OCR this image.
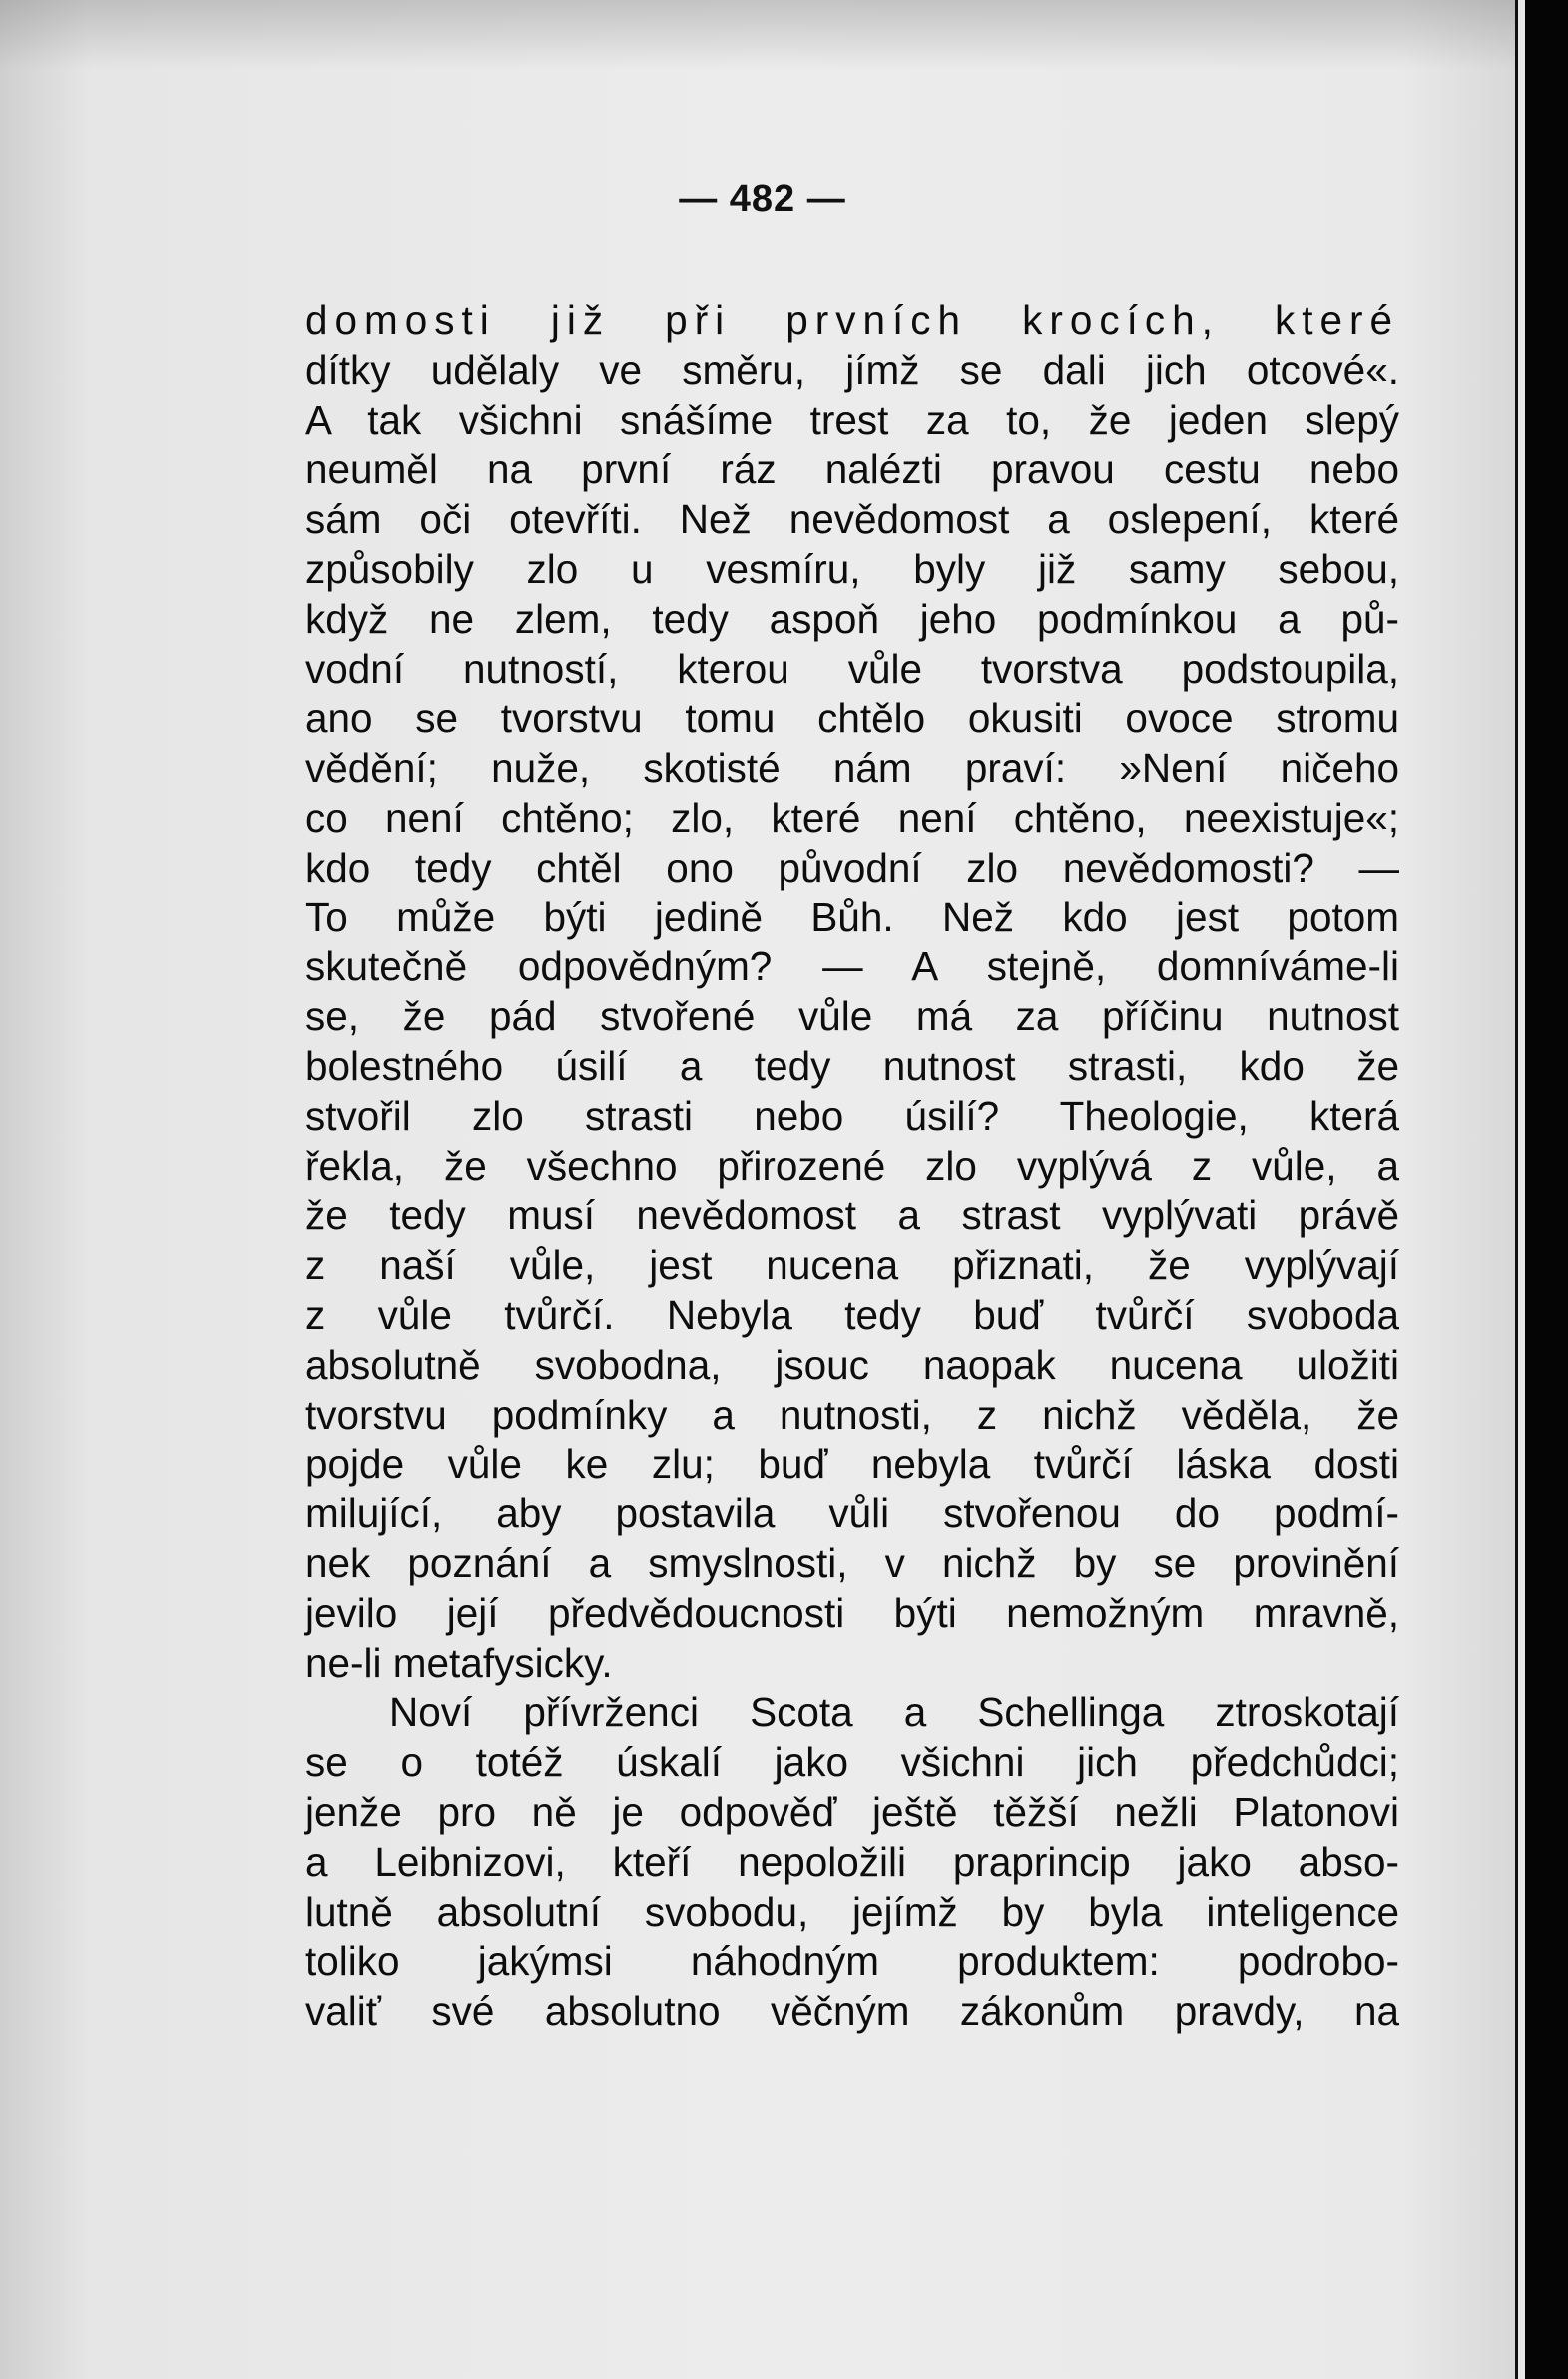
— 482 —
domosti již při prvních krocích, které
dítky udělaly ve směru, jímž se dali jich otcové«.
A tak všichni snášíme trest za to, že jeden slepý
neuměl na první ráz nalézti pravou cestu nebo
sám oči otevříti. Než nevědomost a oslepení, které
způsobily zlo u vesmíru, byly již samy sebou,
když ne zlem, tedy aspoň jeho podmínkou a pů-
vodní nutností, kterou vůle tvorstva podstoupila,
ano se tvorstvu tomu chtělo okusiti ovoce stromu
vědění; nuže, skotisté nám praví: »Není ničeho
co není chtěno; zlo, které není chtěno, neexistuje«;
kdo tedy chtěl ono původní zlo nevědomosti? —
To může býti jedině Bůh. Než kdo jest potom
skutečně odpovědným? — A stejně, domníváme-li
se, že pád stvořené vůle má za příčinu nutnost
bolestného úsilí a tedy nutnost strasti, kdo že
stvořil zlo strasti nebo úsilí? Theologie, která
řekla, že všechno přirozené zlo vyplývá z vůle, a
že tedy musí nevědomost a strast vyplývati právě
z naší vůle, jest nucena přiznati, že vyplývají
z vůle tvůrčí. Nebyla tedy buď tvůrčí svoboda
absolutně svobodna, jsouc naopak nucena uložiti
tvorstvu podmínky a nutnosti, z nichž věděla, že
pojde vůle ke zlu; buď nebyla tvůrčí láska dosti
milující, aby postavila vůli stvořenou do podmí-
nek poznání a smyslnosti, v nichž by se provinění
jevilo její předvědoucnosti býti nemožným mravně,
ne-li metafysicky.
Noví přívrženci Scota a Schellinga ztroskotají
se o totéž úskalí jako všichni jich předchůdci;
jenže pro ně je odpověď ještě těžší nežli Platonovi
a Leibnizovi, kteří nepoložili praprincip jako abso-
lutně absolutní svobodu, jejímž by byla inteligence
toliko jakýmsi náhodným produktem: podrobo-
valiť své absolutno věčným zákonům pravdy, na
